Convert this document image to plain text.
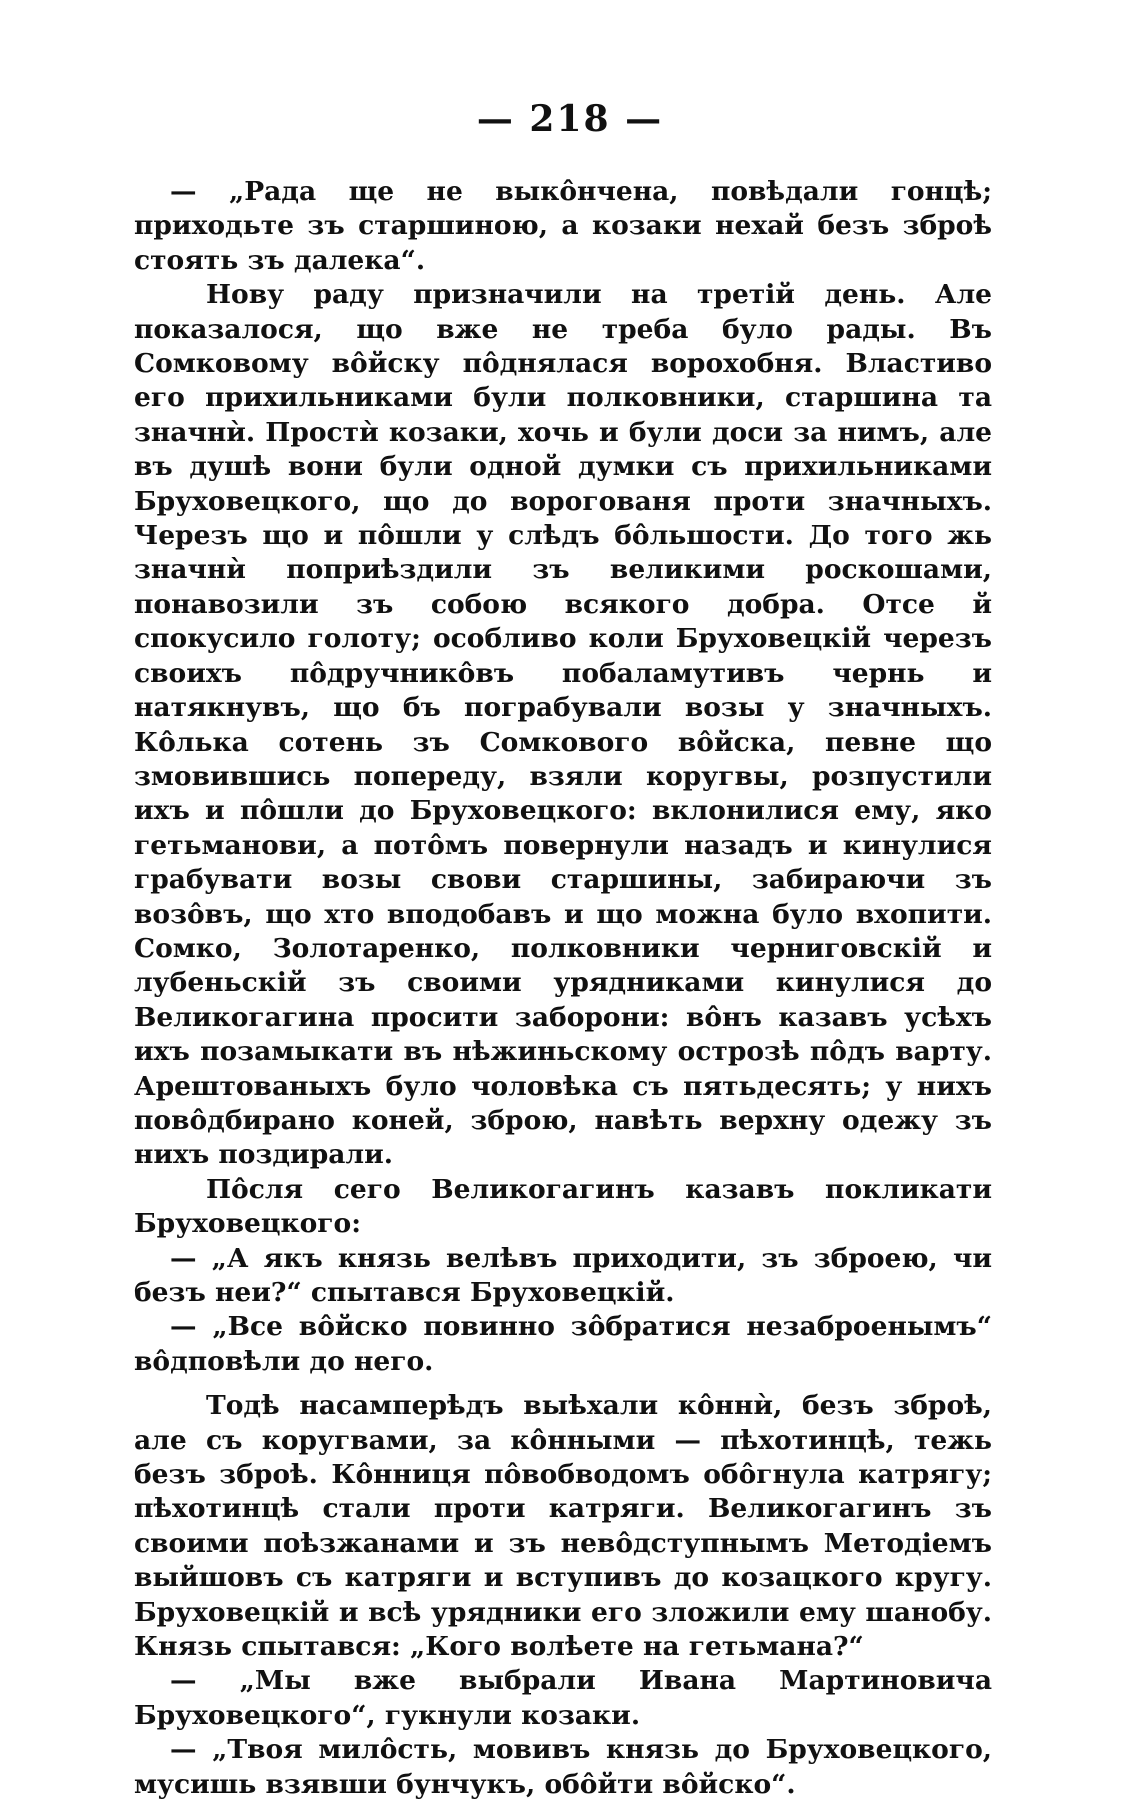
— 218 —

— „Рада ще не выкôнчена, повѣдали гонцѣ; приходьте зъ старшиною, а козаки нехай безъ зброѣ стоять зъ далека“.

Нову раду призначили на третій день. Але показалося, що вже не треба було рады. Въ Сомковому вôйску пôднялася ворохобня. Властиво его прихильниками були полковники, старшина та значнѝ. Простѝ козаки, хочь и були доси за нимъ, але въ душѣ вони були одной думки съ прихильниками Бруховецкого, що до ворогованя проти значныхъ. Черезъ що и пôшли у слѣдъ бôльшости. До того жь значнѝ поприѣздили зъ великими роскошами, понавозили зъ собою всякого добра. Отсе й спокусило голоту; особливо коли Бруховецкій черезъ своихъ пôдручникôвъ побаламутивъ чернь и натякнувъ, що бъ пограбували возы у значныхъ. Кôлька сотень зъ Сомкового вôйска, певне що змовившись попереду, взяли коругвы, розпустили ихъ и пôшли до Бруховецкого: вклонилися ему, яко гетьманови, а потôмъ повернули назадъ и кинулися грабувати возы свови старшины, забираючи зъ возôвъ, що хто вподобавъ и що можна було вхопити. Сомко, Золотаренко, полковники черниговскій и лубеньскій зъ своими урядниками кинулися до Великогагина просити заборони: вôнъ казавъ усѣхъ ихъ позамыкати въ нѣжиньскому острозѣ пôдъ варту. Арештованыхъ було чоловѣка съ пятьдесять; у нихъ повôдбирано коней, зброю, навѣть верхну одежу зъ нихъ поздирали.

Пôсля сего Великогагинъ казавъ покликати Бруховецкого:

— „А якъ князь велѣвъ приходити, зъ зброею, чи безъ неи?“ спытався Бруховецкій.

— „Все вôйско повинно зôбратися незаброенымъ“ вôдповѣли до него.

Тодѣ насамперѣдъ выѣхали кôннѝ, безъ зброѣ, але съ коругвами, за кôнными — пѣхотинцѣ, тежь безъ зброѣ. Кôнниця пôвобводомъ обôгнула катрягу; пѣхотинцѣ стали проти катряги. Великогагинъ зъ своими поѣзжанами и зъ невôдступнымъ Методіемъ выйшовъ съ катряги и вступивъ до козацкого кругу. Бруховецкій и всѣ урядники его зложили ему шанобу. Князь спытався: „Кого волѣете на гетьмана?“

— „Мы вже выбрали Ивана Мартиновича Бруховецкого“, гукнули козаки.

— „Твоя милôсть, мовивъ князь до Бруховецкого, мусишь взявши бунчукъ, обôйти вôйско“.
